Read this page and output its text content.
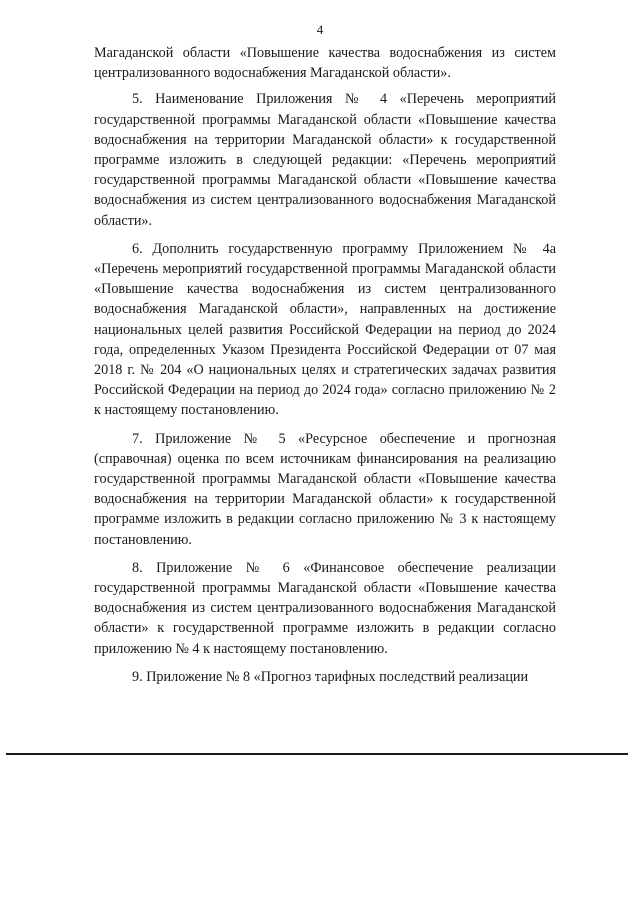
4

Магаданской области «Повышение качества водоснабжения из систем централизованного водоснабжения Магаданской области».

5. Наименование Приложения № 4 «Перечень мероприятий государственной программы Магаданской области «Повышение качества водоснабжения на территории Магаданской области» к государственной программе изложить в следующей редакции: «Перечень мероприятий государственной программы Магаданской области «Повышение качества водоснабжения из систем централизованного водоснабжения Магаданской области».

6. Дополнить государственную программу Приложением № 4а «Перечень мероприятий государственной программы Магаданской области «Повышение качества водоснабжения из систем централизованного водоснабжения Магаданской области», направленных на достижение национальных целей развития Российской Федерации на период до 2024 года, определенных Указом Президента Российской Федерации от 07 мая 2018 г. № 204 «О национальных целях и стратегических задачах развития Российской Федерации на период до 2024 года» согласно приложению № 2 к настоящему постановлению.

7. Приложение № 5 «Ресурсное обеспечение и прогнозная (справочная) оценка по всем источникам финансирования на реализацию государственной программы Магаданской области «Повышение качества водоснабжения на территории Магаданской области» к государственной программе изложить в редакции согласно приложению № 3 к настоящему постановлению.

8. Приложение № 6 «Финансовое обеспечение реализации государственной программы Магаданской области «Повышение качества водоснабжения из систем централизованного водоснабжения Магаданской области» к государственной программе изложить в редакции согласно приложению № 4 к настоящему постановлению.

9. Приложение № 8 «Прогноз тарифных последствий реализации
